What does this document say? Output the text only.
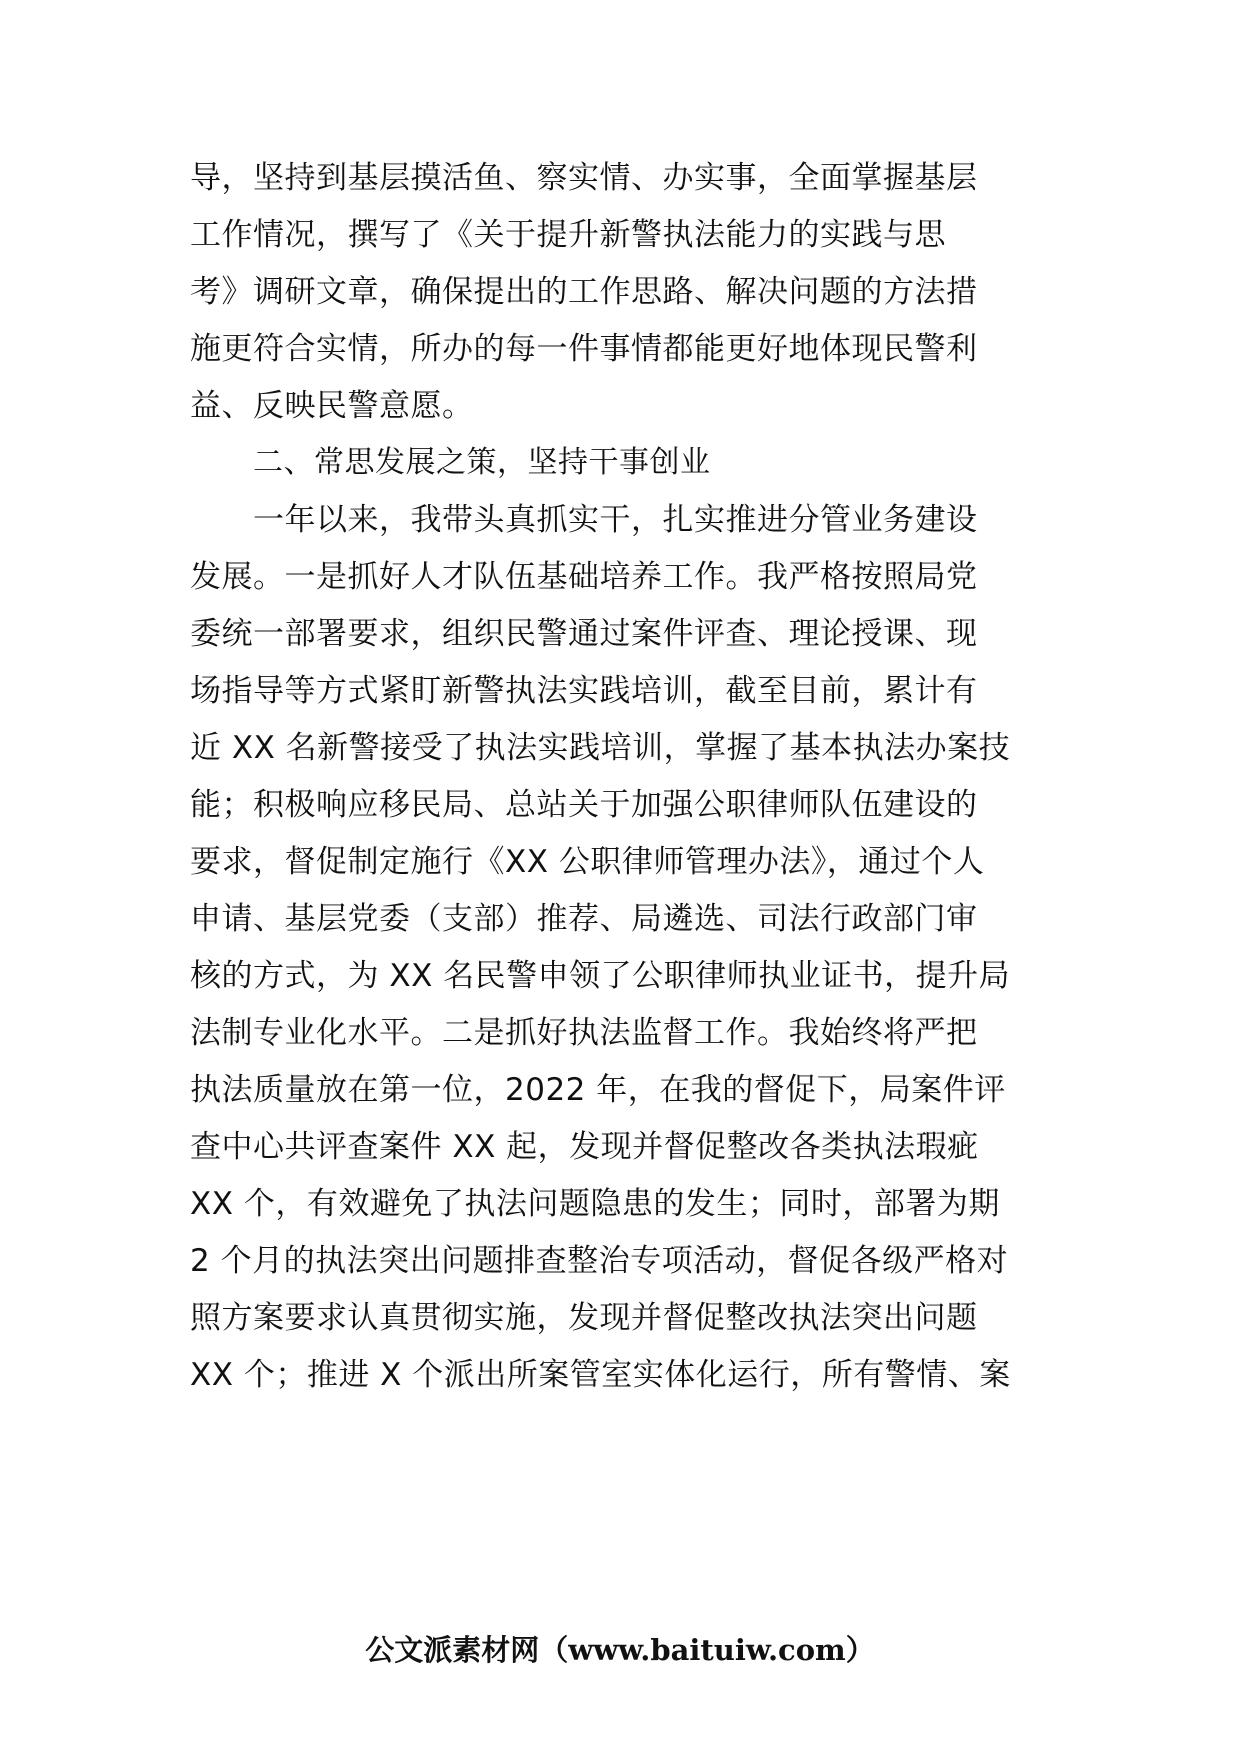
导，坚持到基层摸活鱼、察实情、办实事，全面掌握基层
工作情况，撰写了《关于提升新警执法能力的实践与思
考》调研文章，确保提出的工作思路、解决问题的方法措
施更符合实情，所办的每一件事情都能更好地体现民警利
益、反映民警意愿。
二、常思发展之策，坚持干事创业
一年以来，我带头真抓实干，扎实推进分管业务建设
发展。一是抓好人才队伍基础培养工作。我严格按照局党
委统一部署要求，组织民警通过案件评查、理论授课、现
场指导等方式紧盯新警执法实践培训，截至目前，累计有
近 XX 名新警接受了执法实践培训，掌握了基本执法办案技
能；积极响应移民局、总站关于加强公职律师队伍建设的
要求，督促制定施行《XX 公职律师管理办法》，通过个人
申请、基层党委（支部）推荐、局遴选、司法行政部门审
核的方式，为 XX 名民警申领了公职律师执业证书，提升局
法制专业化水平。二是抓好执法监督工作。我始终将严把
执法质量放在第一位，2022 年，在我的督促下，局案件评
查中心共评查案件 XX 起，发现并督促整改各类执法瑕疵
XX 个，有效避免了执法问题隐患的发生；同时，部署为期
2 个月的执法突出问题排查整治专项活动，督促各级严格对
照方案要求认真贯彻实施，发现并督促整改执法突出问题
XX 个；推进 X 个派出所案管室实体化运行，所有警情、案
公文派素材网（www.baituiw.com）
